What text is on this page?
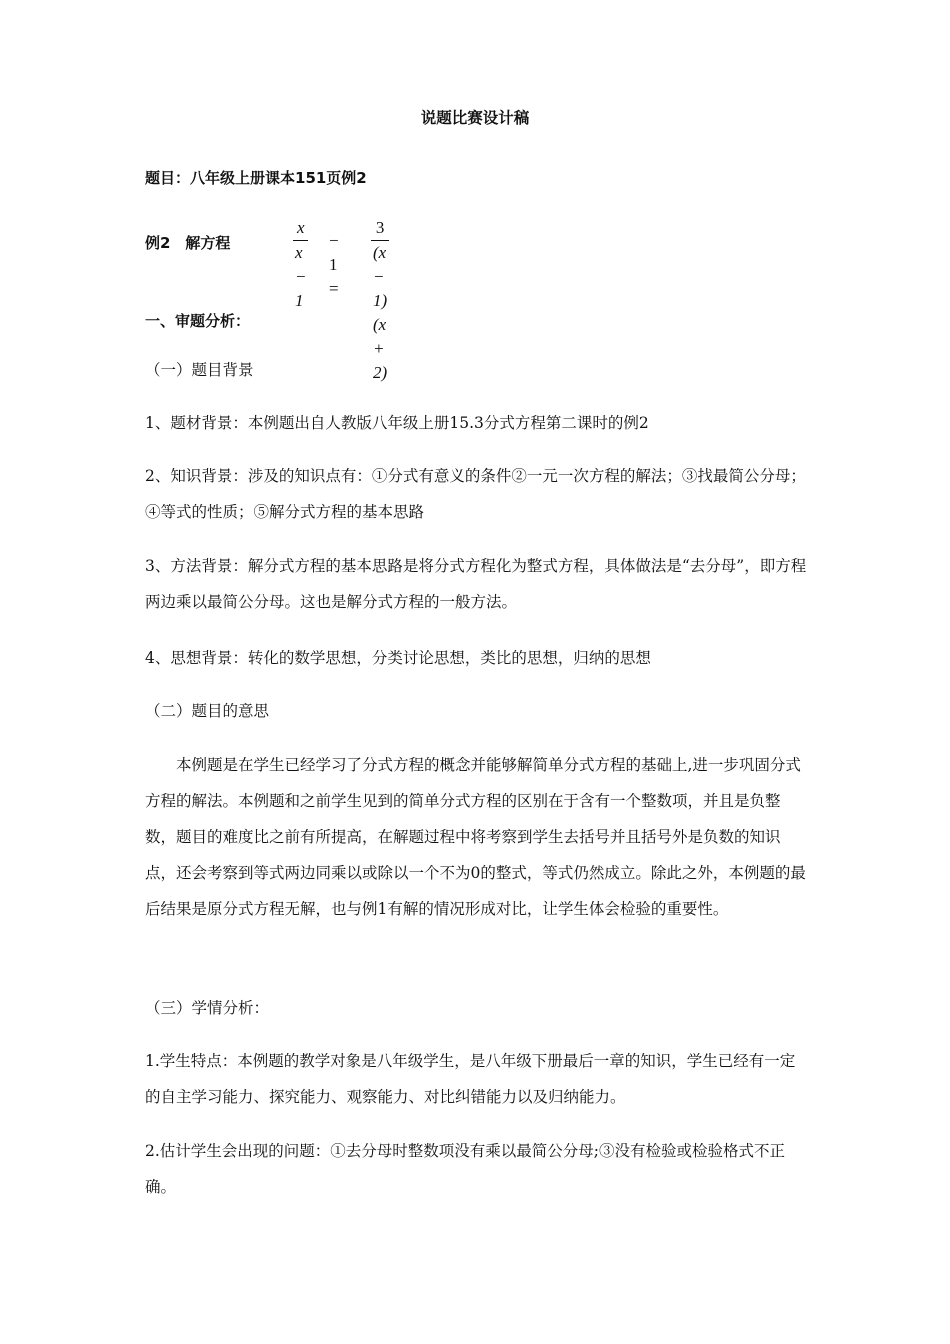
说题比赛设计稿

题目：八年级上册课本151页例2

例2　解方程

x
x − 1
− 1 =
3
(x − 1)(x + 2)

一、审题分析：

（一）题目背景

1、题材背景：本例题出自人教版八年级上册15.3分式方程第二课时的例2

2、知识背景：涉及的知识点有：①分式有意义的条件②一元一次方程的解法；③找最简公分母；④等式的性质；⑤解分式方程的基本思路

3、方法背景：解分式方程的基本思路是将分式方程化为整式方程，具体做法是“去分母”，即方程两边乘以最简公分母。这也是解分式方程的一般方法。

4、思想背景：转化的数学思想，分类讨论思想，类比的思想，归纳的思想

（二）题目的意思

本例题是在学生已经学习了分式方程的概念并能够解简单分式方程的基础上,进一步巩固分式方程的解法。本例题和之前学生见到的简单分式方程的区别在于含有一个整数项，并且是负整数，题目的难度比之前有所提高，在解题过程中将考察到学生去括号并且括号外是负数的知识点，还会考察到等式两边同乘以或除以一个不为0的整式，等式仍然成立。除此之外，本例题的最后结果是原分式方程无解，也与例1有解的情况形成对比，让学生体会检验的重要性。

（三）学情分析：

1.学生特点：本例题的教学对象是八年级学生，是八年级下册最后一章的知识，学生已经有一定的自主学习能力、探究能力、观察能力、对比纠错能力以及归纳能力。

2.估计学生会出现的问题：①去分母时整数项没有乘以最简公分母;③没有检验或检验格式不正确。
